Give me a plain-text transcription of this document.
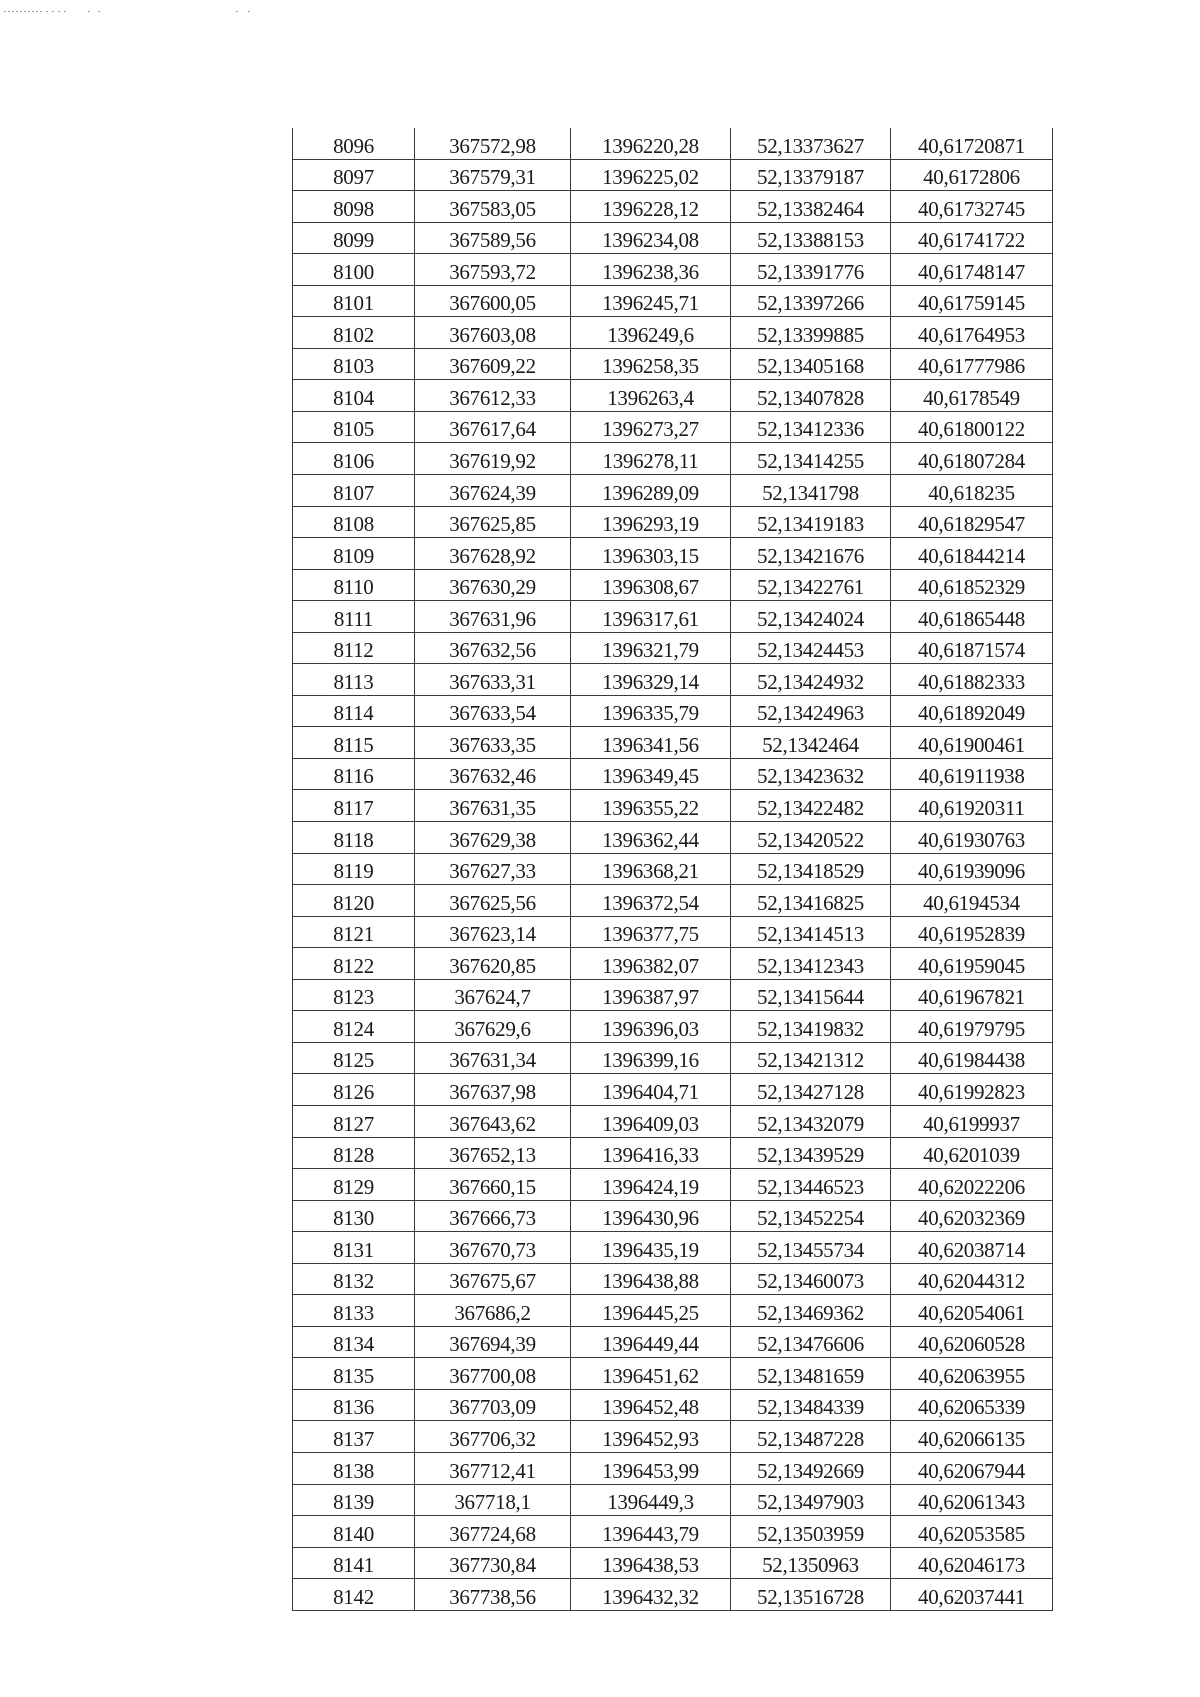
8096	367572,98	1396220,28	52,13373627	40,61720871
8097	367579,31	1396225,02	52,13379187	40,6172806
8098	367583,05	1396228,12	52,13382464	40,61732745
8099	367589,56	1396234,08	52,13388153	40,61741722
8100	367593,72	1396238,36	52,13391776	40,61748147
8101	367600,05	1396245,71	52,13397266	40,61759145
8102	367603,08	1396249,6	52,13399885	40,61764953
8103	367609,22	1396258,35	52,13405168	40,61777986
8104	367612,33	1396263,4	52,13407828	40,6178549
8105	367617,64	1396273,27	52,13412336	40,61800122
8106	367619,92	1396278,11	52,13414255	40,61807284
8107	367624,39	1396289,09	52,1341798	40,618235
8108	367625,85	1396293,19	52,13419183	40,61829547
8109	367628,92	1396303,15	52,13421676	40,61844214
8110	367630,29	1396308,67	52,13422761	40,61852329
8111	367631,96	1396317,61	52,13424024	40,61865448
8112	367632,56	1396321,79	52,13424453	40,61871574
8113	367633,31	1396329,14	52,13424932	40,61882333
8114	367633,54	1396335,79	52,13424963	40,61892049
8115	367633,35	1396341,56	52,1342464	40,61900461
8116	367632,46	1396349,45	52,13423632	40,61911938
8117	367631,35	1396355,22	52,13422482	40,61920311
8118	367629,38	1396362,44	52,13420522	40,61930763
8119	367627,33	1396368,21	52,13418529	40,61939096
8120	367625,56	1396372,54	52,13416825	40,6194534
8121	367623,14	1396377,75	52,13414513	40,61952839
8122	367620,85	1396382,07	52,13412343	40,61959045
8123	367624,7	1396387,97	52,13415644	40,61967821
8124	367629,6	1396396,03	52,13419832	40,61979795
8125	367631,34	1396399,16	52,13421312	40,61984438
8126	367637,98	1396404,71	52,13427128	40,61992823
8127	367643,62	1396409,03	52,13432079	40,6199937
8128	367652,13	1396416,33	52,13439529	40,6201039
8129	367660,15	1396424,19	52,13446523	40,62022206
8130	367666,73	1396430,96	52,13452254	40,62032369
8131	367670,73	1396435,19	52,13455734	40,62038714
8132	367675,67	1396438,88	52,13460073	40,62044312
8133	367686,2	1396445,25	52,13469362	40,62054061
8134	367694,39	1396449,44	52,13476606	40,62060528
8135	367700,08	1396451,62	52,13481659	40,62063955
8136	367703,09	1396452,48	52,13484339	40,62065339
8137	367706,32	1396452,93	52,13487228	40,62066135
8138	367712,41	1396453,99	52,13492669	40,62067944
8139	367718,1	1396449,3	52,13497903	40,62061343
8140	367724,68	1396443,79	52,13503959	40,62053585
8141	367730,84	1396438,53	52,1350963	40,62046173
8142	367738,56	1396432,32	52,13516728	40,62037441
